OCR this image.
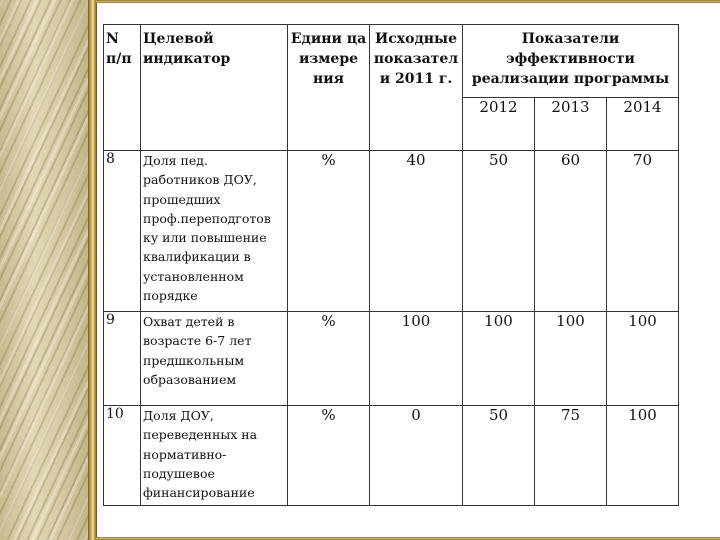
N п/п	Целевой индикатор	Едини ца измере ния	Исходные показател и 2011 г.	Показатели эффективности реализации программы		
				2012	2013	2014
8	Доля пед. работников ДОУ, прошедших проф.переподготов ку или повышение квалификации в установленном порядке	%	40	50	60	70
9	Охват детей в возрасте 6-7 лет предшкольным образованием	%	100	100	100	100
10	Доля ДОУ, переведенных на нормативно-подушевое финансирование	%	0	50	75	100
